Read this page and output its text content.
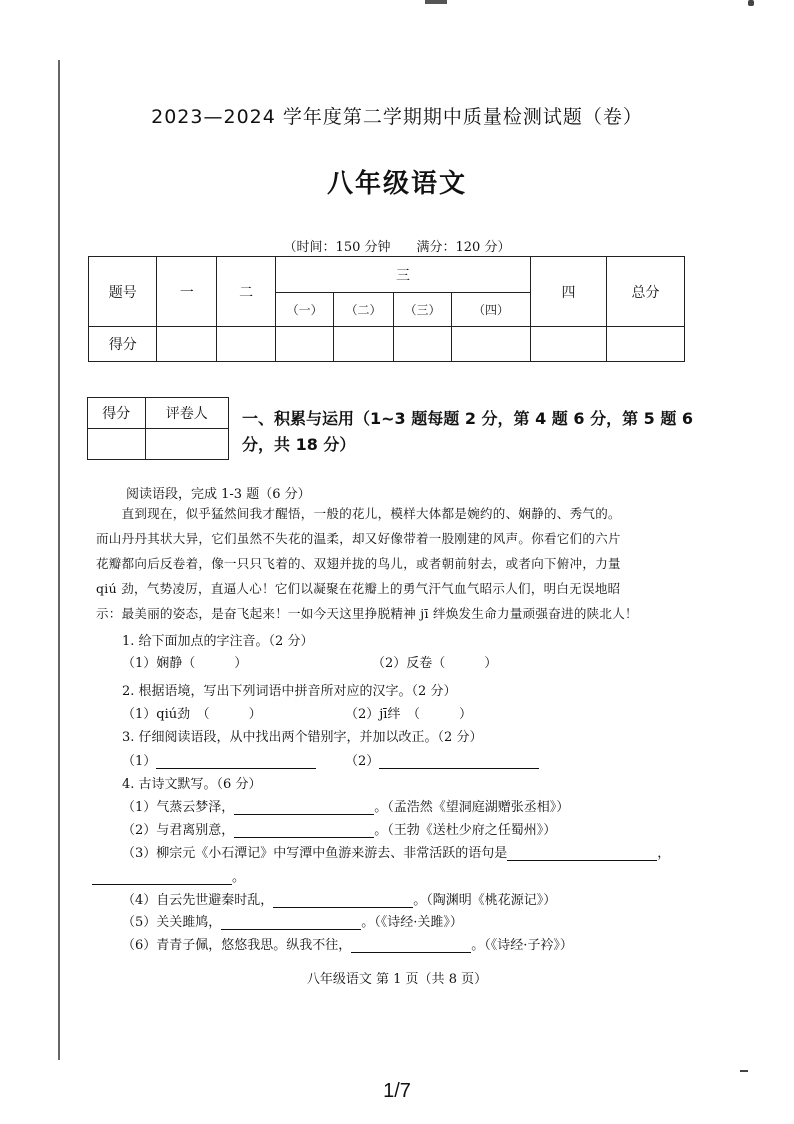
2023—2024 学年度第二学期期中质量检测试题（卷）
八年级语文
（时间：150 分钟　　满分：120 分）
题号	一	二	三				四	总分
			（一）	（二）	（三）	（四）		
得分								
得分	评卷人
	一、积累与运用（1~3 题每题 2 分，第 4 题 6 分，第 5 题 6 分，共 18 分）
阅读语段，完成 1-3 题（6 分）

　　直到现在，似乎猛然间我才醒悟，一般的花儿，模样大体都是婉约的、娴静的、秀气的。

而山丹丹其状大异，它们虽然不失花的温柔，却又好像带着一股刚建的风声。你看它们的六片

花瓣都向后反卷着，像一只只飞着的、双翅并拢的鸟儿，或者朝前射去，或者向下俯冲，力量

qiú 劲，气势凌厉，直逼人心！它们以凝聚在花瓣上的勇气汗气血气昭示人们，明白无误地昭

示：最美丽的姿态，是奋飞起来！一如今天这里挣脱精神 jī 绊焕发生命力量顽强奋进的陕北人！

1. 给下面加点的字注音。（2 分）
（1）娴静（　　　）	（2）反卷（　　　）
2. 根据语境，写出下列词语中拼音所对应的汉字。（2 分）
（1）qiú劲　（　　　）	（2）jī绊　（　　　）
3. 仔细阅读语段，从中找出两个错别字，并加以改正。（2 分）
（1）	（2）
4. 古诗文默写。（6 分）
（1）气蒸云梦泽，	。（孟浩然《望洞庭湖赠张丞相》）
（2）与君离别意，	。（王勃《送杜少府之任蜀州》）
（3）柳宗元《小石潭记》中写潭中鱼游来游去、非常活跃的语句是	，
。
（4）自云先世避秦时乱，	。（陶渊明《桃花源记》）
（5）关关雎鸠，	。（《诗经·关雎》）
（6）青青子佩，悠悠我思。纵我不往，	。（《诗经·子衿》）
八年级语文 第 1 页（共 8 页）
1/7
